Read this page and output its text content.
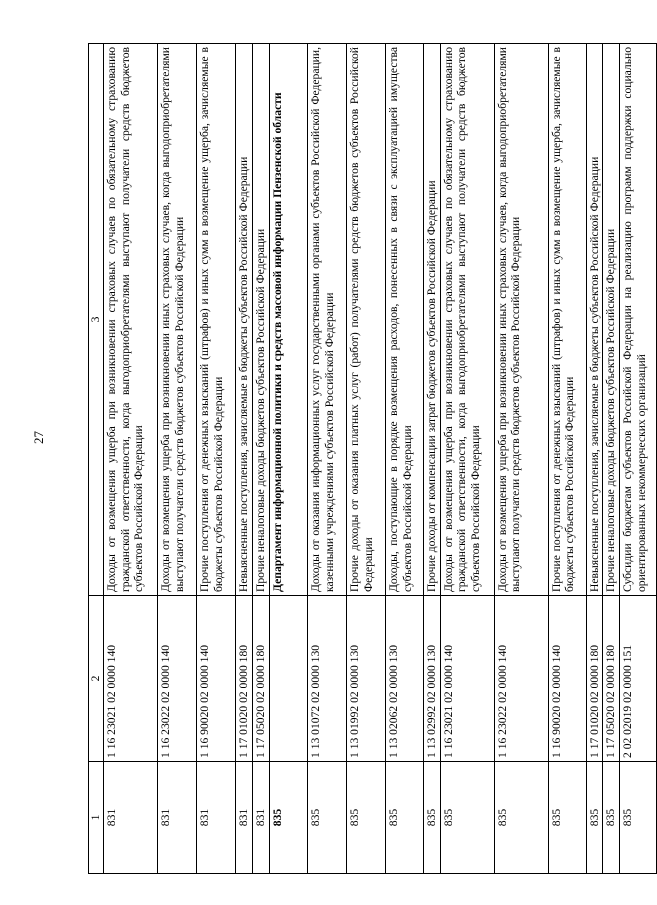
27
1	2	3
831	1 16 23021 02 0000 140	Доходы от возмещения ущерба при возникновении страховых случаев по обязательному страхованию гражданской ответственности, когда выгодоприобретателями выступают получатели средств бюджетов субъектов Российской Федерации
831	1 16 23022 02 0000 140	Доходы от возмещения ущерба при возникновении иных страховых случаев, когда выгодоприобретателями выступают получатели средств бюджетов субъектов Российской Федерации
831	1 16 90020 02 0000 140	Прочие поступления от денежных взысканий (штрафов) и иных сумм в возмещение ущерба, зачисляемые в бюджеты субъектов Российской Федерации
831	1 17 01020 02 0000 180	Невыясненные поступления, зачисляемые в бюджеты субъектов Российской Федерации
831	1 17 05020 02 0000 180	Прочие неналоговые доходы бюджетов субъектов Российской Федерации
835		Департамент информационной политики и средств массовой информации Пензенской области
835	1 13 01072 02 0000 130	Доходы от оказания информационных услуг государственными органами субъектов Российской Федерации, казенными учреждениями субъектов Российской Федерации
835	1 13 01992 02 0000 130	Прочие доходы от оказания платных услуг (работ) получателями средств бюджетов субъектов Российской Федерации
835	1 13 02062 02 0000 130	Доходы, поступающие в порядке возмещения расходов, понесенных в связи с эксплуатацией имущества субъектов Российской Федерации
835	1 13 02992 02 0000 130	Прочие доходы от компенсации затрат бюджетов субъектов Российской Федерации
835	1 16 23021 02 0000 140	Доходы от возмещения ущерба при возникновении страховых случаев по обязательному страхованию гражданской ответственности, когда выгодоприобретателями выступают получатели средств бюджетов субъектов Российской Федерации
835	1 16 23022 02 0000 140	Доходы от возмещения ущерба при возникновении иных страховых случаев, когда выгодоприобретателями выступают получатели средств бюджетов субъектов Российской Федерации
835	1 16 90020 02 0000 140	Прочие поступления от денежных взысканий (штрафов) и иных сумм в возмещение ущерба, зачисляемые в бюджеты субъектов Российской Федерации
835	1 17 01020 02 0000 180	Невыясненные поступления, зачисляемые в бюджеты субъектов Российской Федерации
835	1 17 05020 02 0000 180	Прочие неналоговые доходы бюджетов субъектов Российской Федерации
835	2 02 02019 02 0000 151	Субсидии бюджетам субъектов Российской Федерации на реализацию программ поддержки социально ориентированных некоммерческих организаций
